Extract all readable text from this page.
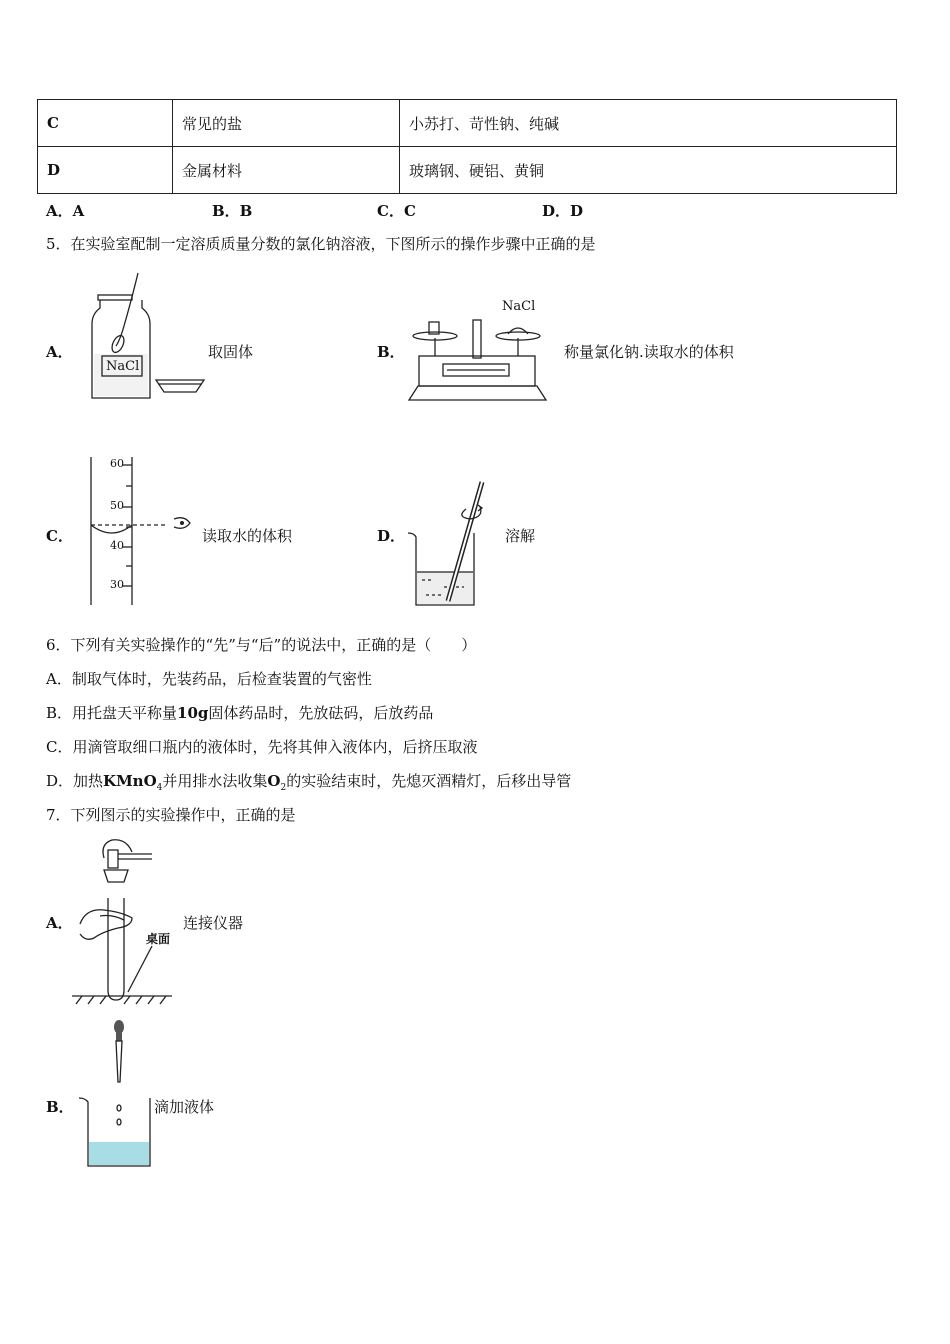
C	常见的盐	小苏打、苛性钠、纯碱
D	金属材料	玻璃钢、硬铝、黄铜
A．A	B．B	C．C	D．D
5．在实验室配制一定溶质质量分数的氯化钠溶液，下图所示的操作步骤中正确的是
A．
NaCl
取固体	B．
NaCl
称量氯化钠.读取水的体积
C．
60
50
40
30
读取水的体积	D．	溶解
6．下列有关实验操作的“先”与“后”的说法中，正确的是（　　）
A．制取气体时，先装药品，后检查装置的气密性
B．用托盘天平称量10g固体药品时，先放砝码，后放药品
C．用滴管取细口瓶内的液体时，先将其伸入液体内，后挤压取液
D．加热KMnO$_4$并用排水法收集$O_2$的实验结束时，先熄灭酒精灯，后移出导管
7．下列图示的实验操作中，正确的是
A．
桌面
连接仪器
B．	滴加液体
